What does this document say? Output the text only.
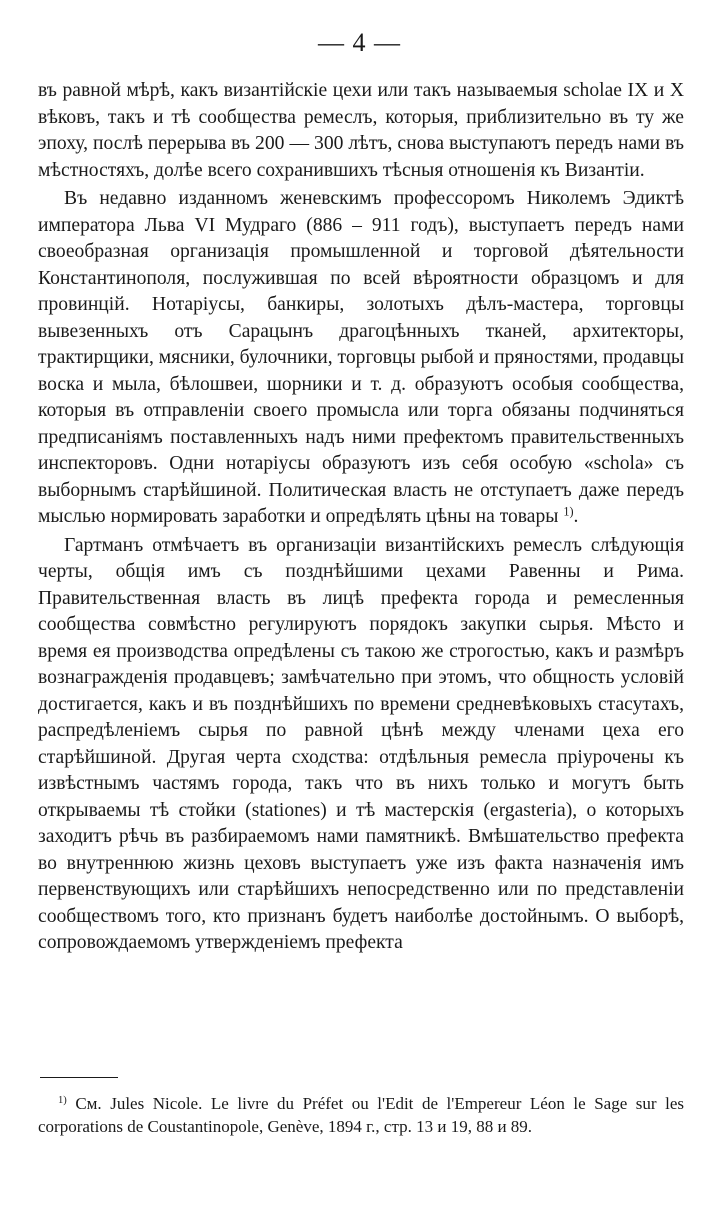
— 4 —

въ равной мѣрѣ, какъ византійскіе цехи или такъ называемыя scholae IX и X вѣковъ, такъ и тѣ сообщества ремеслъ, которыя, приблизительно въ ту же эпоху, послѣ перерыва въ 200 — 300 лѣтъ, снова выступаютъ передъ нами въ мѣстностяхъ, долѣе всего сохранившихъ тѣсныя отношенія къ Византіи.

Въ недавно изданномъ женевскимъ профессоромъ Николемъ Эдиктѣ императора Льва VI Мудраго (886 – 911 годъ), выступаетъ передъ нами своеобразная организація промышленной и торговой дѣятельности Константинополя, послужившая по всей вѣроятности образцомъ и для провинцій. Нотаріусы, банкиры, золотыхъ дѣлъ-мастера, торговцы вывезенныхъ отъ Сарацынъ драгоцѣнныхъ тканей, архитекторы, трактирщики, мясники, булочники, торговцы рыбой и пряностями, продавцы воска и мыла, бѣлошвеи, шорники и т. д. образуютъ особыя сообщества, которыя въ отправленіи своего промысла или торга обязаны подчиняться предписаніямъ поставленныхъ надъ ними префектомъ правительственныхъ инспекторовъ. Одни нотаріусы образуютъ изъ себя особую «schola» съ выборнымъ старѣйшиной. Политическая власть не отступаетъ даже передъ мыслью нормировать заработки и опредѣлять цѣны на товары $^{1)}$.

Гартманъ отмѣчаетъ въ организаціи византійскихъ ремеслъ слѣдующія черты, общія имъ съ позднѣйшими цехами Равенны и Рима. Правительственная власть въ лицѣ префекта города и ремесленныя сообщества совмѣстно регулируютъ порядокъ закупки сырья. Мѣсто и время ея производства опредѣлены съ такою же строгостью, какъ и размѣръ вознагражденія продавцевъ; замѣчательно при этомъ, что общность условій достигается, какъ и въ позднѣйшихъ по времени средневѣковыхъ стасутахъ, распредѣленіемъ сырья по равной цѣнѣ между членами цеха его старѣйшиной. Другая черта сходства: отдѣльныя ремесла пріурочены къ извѣстнымъ частямъ города, такъ что въ нихъ только и могутъ быть открываемы тѣ стойки (stationes) и тѣ мастерскія (ergasteria), о которыхъ заходитъ рѣчь въ разбираемомъ нами памятникѣ. Вмѣшательство префекта во внутреннюю жизнь цеховъ выступаетъ уже изъ факта назначенія имъ первенствующихъ или старѣйшихъ непосредственно или по представленіи сообществомъ того, кто признанъ будетъ наиболѣе достойнымъ. О выборѣ, сопровождаемомъ утвержденіемъ префекта

$^{1)}$ См. Jules Nicole. Le livre du Préfet ou l'Edit de l'Empereur Léon le Sage sur les corporations de Coustantinopole, Genève, 1894 г., стр. 13 и 19, 88 и 89.
